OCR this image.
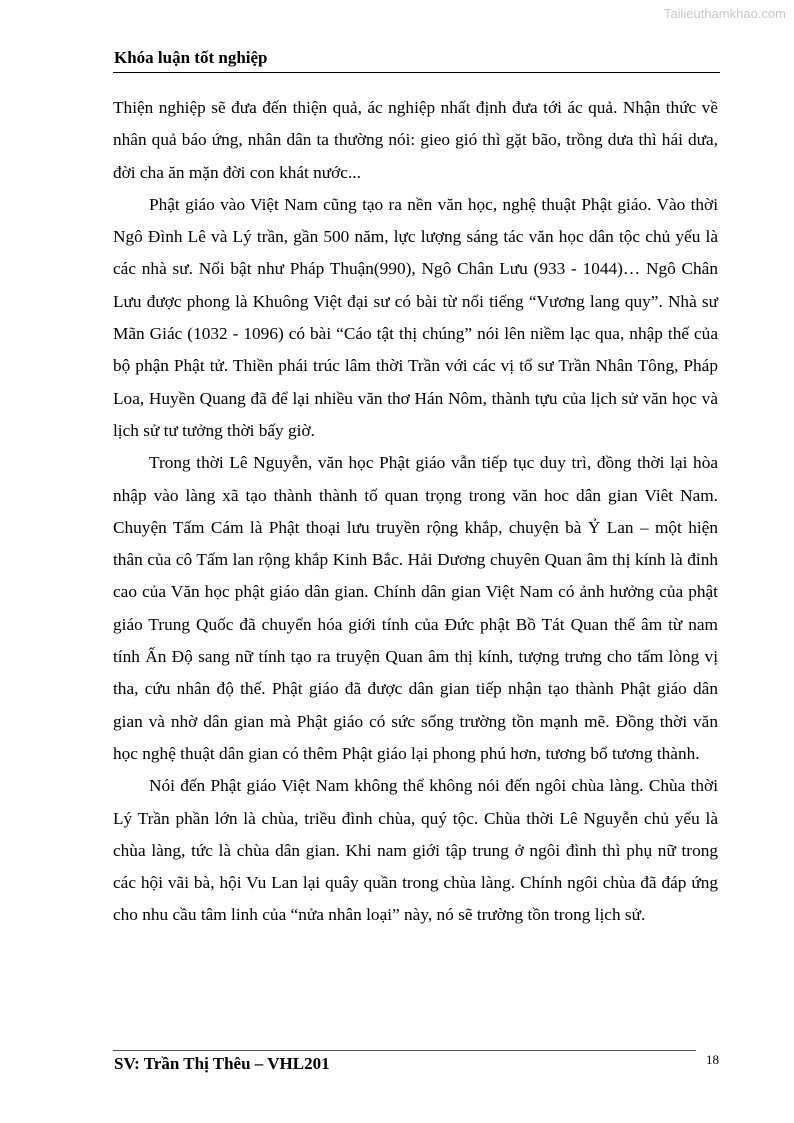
Tailieuthamkhao.com
Khóa luận tốt nghiệp

Thiện nghiệp sẽ đưa đến thiện quả, ác nghiệp nhất định đưa tới ác quả. Nhận thức về nhân quả báo ứng, nhân dân ta thường nói: gieo gió thì gặt bão, trồng dưa thì hái dưa, đời cha ăn mặn đời con khát nước...

Phật giáo vào Việt Nam cũng tạo ra nền văn học, nghệ thuật Phật giáo. Vào thời Ngô Đình Lê và Lý trần, gần 500 năm, lực lượng sáng tác văn học dân tộc chủ yếu là các nhà sư. Nổi bật như Pháp Thuận(990), Ngô Chân Lưu (933 - 1044)… Ngô Chân Lưu được phong là Khuông Việt đại sư có bài từ nổi tiếng “Vương lang quy”. Nhà sư Mãn Giác (1032 - 1096) có bài “Cáo tật thị chúng” nói lên niềm lạc qua, nhập thế của bộ phận Phật tử. Thiền phái trúc lâm thời Trần với các vị tổ sư Trần Nhân Tông, Pháp Loa, Huyền Quang đã để lại nhiều văn thơ Hán Nôm, thành tựu của lịch sử văn học và lịch sử tư tưởng thời bấy giờ.

Trong thời Lê Nguyễn, văn học Phật giáo vẫn tiếp tục duy trì, đồng thời lại hòa nhập vào làng xã tạo thành thành tố quan trọng trong văn hoc dân gian Viêt Nam. Chuyện Tấm Cám là Phật thoại lưu truyền rộng khắp, chuyện bà Ỷ Lan – một hiện thân của cô Tấm lan rộng khắp Kinh Bắc. Hải Dương chuyên Quan âm thị kính là đỉnh cao của Văn học phật giáo dân gian. Chính dân gian Việt Nam có ảnh hưởng của phật giáo Trung Quốc đã chuyển hóa giới tính của Đức phật Bồ Tát Quan thế âm từ nam tính Ấn Độ sang nữ tính tạo ra truyện Quan âm thị kính, tượng trưng cho tấm lòng vị tha, cứu nhân độ thế. Phật giáo đã được dân gian tiếp nhận tạo thành Phật giáo dân gian và nhờ dân gian mà Phật giáo có sức sống trường tồn mạnh mẽ. Đồng thời văn học nghệ thuật dân gian có thêm Phật giáo lại phong phú hơn, tương bổ tương thành.

Nói đến Phật giáo Việt Nam không thể không nói đến ngôi chùa làng. Chùa thời Lý Trần phần lớn là chùa, triều đình chùa, quý tộc. Chùa thời Lê Nguyễn chủ yếu là chùa làng, tức là chùa dân gian. Khi nam giới tập trung ở ngôi đình thì phụ nữ trong các hội vãi bà, hội Vu Lan lại quây quần trong chùa làng. Chính ngôi chùa đã đáp ứng cho nhu cầu tâm linh của “nửa nhân loại” này, nó sẽ trường tồn trong lịch sử.

SV: Trần Thị Thêu – VHL201	18
